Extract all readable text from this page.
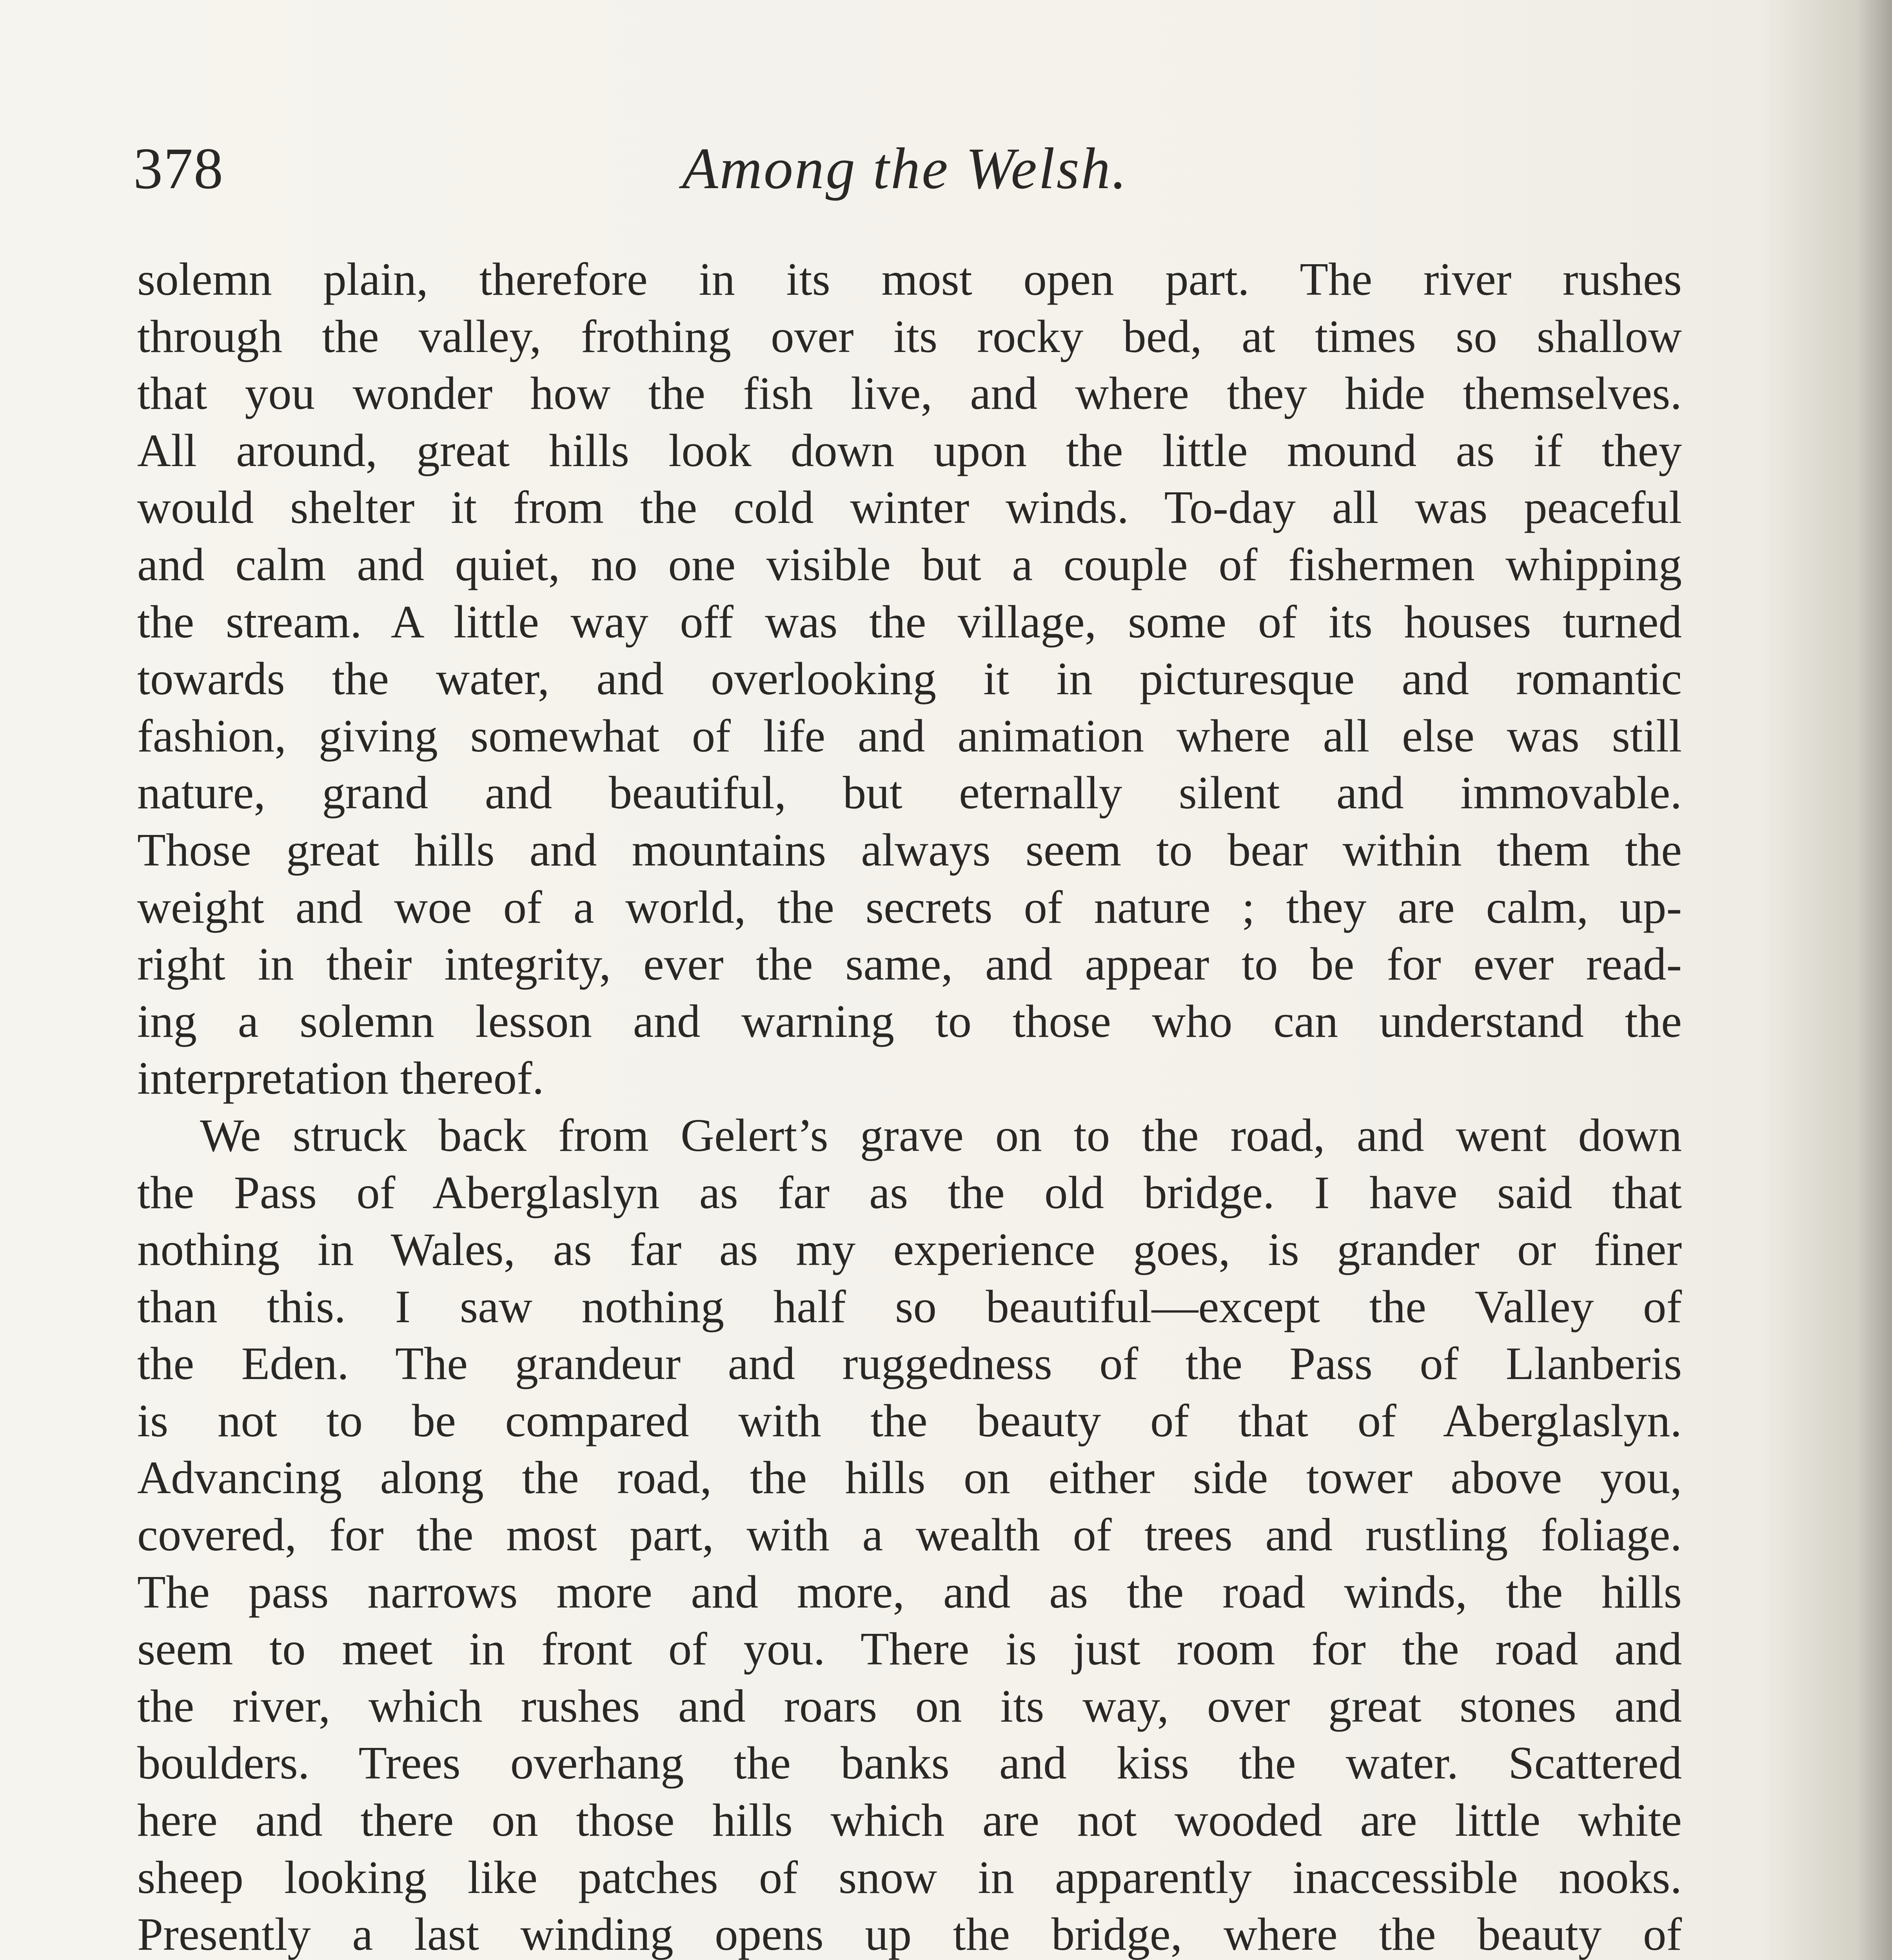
378	Among the Welsh.
solemn plain, therefore in its most open part. The river rushes
through the valley, frothing over its rocky bed, at times so shallow
that you wonder how the fish live, and where they hide themselves.
All around, great hills look down upon the little mound as if they
would shelter it from the cold winter winds. To-day all was peaceful
and calm and quiet, no one visible but a couple of fishermen whipping
the stream. A little way off was the village, some of its houses turned
towards the water, and overlooking it in picturesque and romantic
fashion, giving somewhat of life and animation where all else was still
nature, grand and beautiful, but eternally silent and immovable.
Those great hills and mountains always seem to bear within them the
weight and woe of a world, the secrets of nature ; they are calm, up-
right in their integrity, ever the same, and appear to be for ever read-
ing a solemn lesson and warning to those who can understand the
interpretation thereof.
We struck back from Gelert’s grave on to the road, and went down
the Pass of Aberglaslyn as far as the old bridge. I have said that
nothing in Wales, as far as my experience goes, is grander or finer
than this. I saw nothing half so beautiful—except the Valley of
the Eden. The grandeur and ruggedness of the Pass of Llanberis
is not to be compared with the beauty of that of Aberglaslyn.
Advancing along the road, the hills on either side tower above you,
covered, for the most part, with a wealth of trees and rustling foliage.
The pass narrows more and more, and as the road winds, the hills
seem to meet in front of you. There is just room for the road and
the river, which rushes and roars on its way, over great stones and
boulders. Trees overhang the banks and kiss the water. Scattered
here and there on those hills which are not wooded are little white
sheep looking like patches of snow in apparently inaccessible nooks.
Presently a last winding opens up the bridge, where the beauty of
